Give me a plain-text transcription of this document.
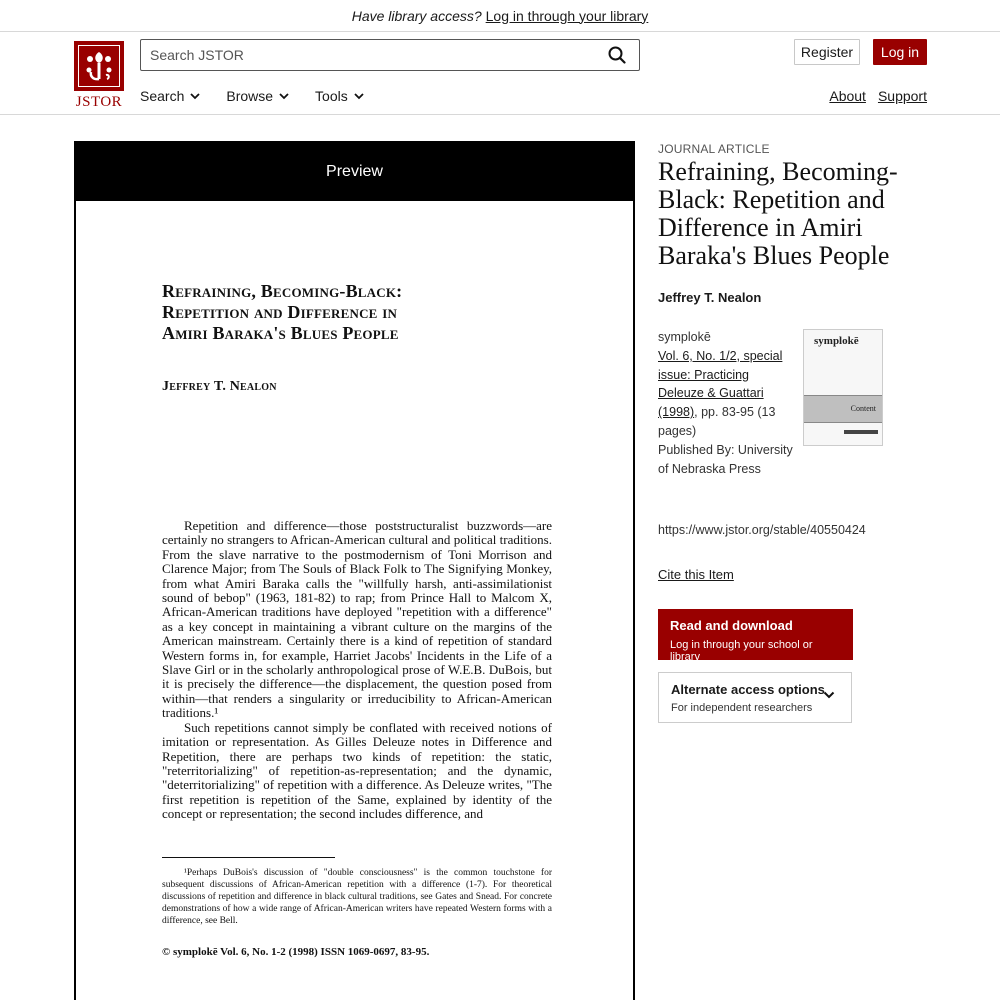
Have library access? Log in through your library
JSTOR
Search JSTOR
Register	Log in
Search	Browse	Tools	About Support
Preview
Refraining, Becoming-Black:
Repetition and Difference in
Amiri Baraka's Blues People
Jeffrey T. Nealon

Repetition and difference—those poststructuralist buzzwords—are certainly no strangers to African-American cultural and political traditions. From the slave narrative to the postmodernism of Toni Morrison and Clarence Major; from The Souls of Black Folk to The Signifying Monkey, from what Amiri Baraka calls the "willfully harsh, anti-assimilationist sound of bebop" (1963, 181-82) to rap; from Prince Hall to Malcom X, African-American traditions have deployed "repetition with a difference" as a key concept in maintaining a vibrant culture on the margins of the American mainstream. Certainly there is a kind of repetition of standard Western forms in, for example, Harriet Jacobs' Incidents in the Life of a Slave Girl or in the scholarly anthropological prose of W.E.B. DuBois, but it is precisely the difference—the displacement, the question posed from within—that renders a singularity or irreducibility to African-American traditions.¹

Such repetitions cannot simply be conflated with received notions of imitation or representation. As Gilles Deleuze notes in Difference and Repetition, there are perhaps two kinds of repetition: the static, "reterritorializing" of repetition-as-representation; and the dynamic, "deterritorializing" of repetition with a difference. As Deleuze writes, "The first repetition is repetition of the Same, explained by identity of the concept or representation; the second includes difference, and

¹Perhaps DuBois's discussion of "double consciousness" is the common touchstone for subsequent discussions of African-American repetition with a difference (1-7). For theoretical discussions of repetition and difference in black cultural traditions, see Gates and Snead. For concrete demonstrations of how a wide range of African-American writers have repeated Western forms with a difference, see Bell.

© symplokē Vol. 6, No. 1-2 (1998) ISSN 1069-0697, 83-95.
JOURNAL ARTICLE
Refraining, Becoming-Black: Repetition and Difference in Amiri Baraka's Blues People
Jeffrey T. Nealon
symplokē
Vol. 6, No. 1/2, special issue: Practicing Deleuze & Guattari (1998), pp. 83-95 (13 pages)
Published By: University of Nebraska Press
symplokē
Content
https://www.jstor.org/stable/40550424
Cite this Item
Read and download
Log in through your school or library
Alternate access options
For independent researchers
